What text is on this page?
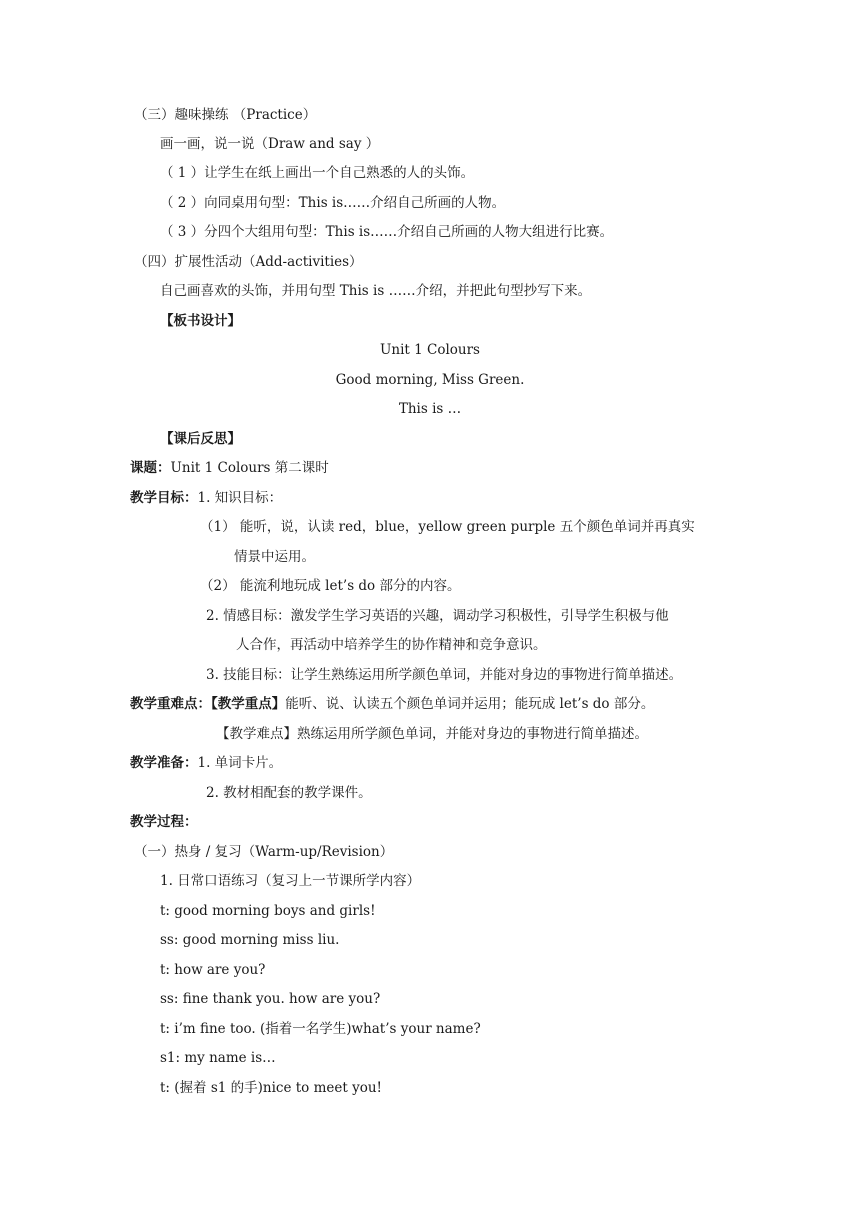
（三）趣味操练 （Practice）
画一画，说一说（Draw and say ）
（ 1 ）让学生在纸上画出一个自己熟悉的人的头饰。
（ 2 ）向同桌用句型：This is……介绍自己所画的人物。
（ 3 ）分四个大组用句型：This is……介绍自己所画的人物大组进行比赛。
（四）扩展性活动（Add-activities）
自己画喜欢的头饰，并用句型 This is ……介绍，并把此句型抄写下来。
【板书设计】
Unit 1 Colours
Good morning, Miss Green.
This is …
【课后反思】
课题：Unit 1 Colours 第二课时
教学目标：1. 知识目标：
（1） 能听，说，认读 red，blue，yellow green purple 五个颜色单词并再真实
情景中运用。
（2） 能流利地玩成 let’s do 部分的内容。
2. 情感目标：激发学生学习英语的兴趣，调动学习积极性，引导学生积极与他
人合作，再活动中培养学生的协作精神和竞争意识。
3. 技能目标：让学生熟练运用所学颜色单词，并能对身边的事物进行简单描述。
教学重难点：【教学重点】能听、说、认读五个颜色单词并运用；能玩成 let’s do 部分。
【教学难点】熟练运用所学颜色单词，并能对身边的事物进行简单描述。
教学准备：1. 单词卡片。
2. 教材相配套的教学课件。
教学过程：
（一）热身 / 复习（Warm-up/Revision）
1. 日常口语练习（复习上一节课所学内容）
t: good morning boys and girls!
ss: good morning miss liu.
t: how are you?
ss: fine thank you. how are you?
t: i’m fine too. (指着一名学生)what’s your name?
s1: my name is…
t: (握着 s1 的手)nice to meet you!
